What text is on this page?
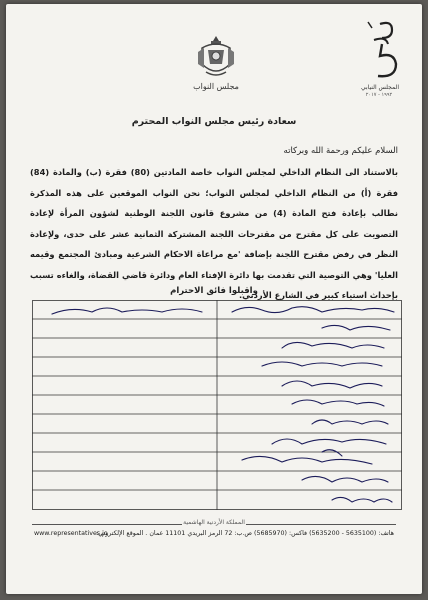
مجلس النواب	المجلس النيابي
١٩٩٢ - ٢٠١٧
سعادة رئيس مجلس النواب المحترم
السلام عليكم ورحمة الله وبركاته

بالاستناد الى النظام الداخلي لمجلس النواب خاصة المادتين (80) فقرة (ب) والمادة (84) فقرة (أ) من النظام الداخلي لمجلس النواب؛ نحن النواب الموقعين على هذه المذكرة نطالب بإعادة فتح المادة (4) من مشروع قانون اللجنة الوطنية لشؤون المرأة لإعادة التصويت على كل مقترح من مقترحات اللجنة المشتركة الثمانية عشر على حدى، ولإعادة النظر في رفض مقترح اللجنة بإضافة 'مع مراعاة الاحكام الشرعية ومبادئ المجتمع وقيمه العليا' وهي التوصية التي تقدمت بها دائرة الإفتاء العام ودائرة قاضي القضاة، والغاءه تسبب بإحداث استياء كبير في الشارع الأردني.

واقبلوا فائق الاحترام
المملكة الأردنية الهاشمية
www.representatives.jo
هاتف: (5635100 - 5635200) فاكس: (5685970) ص.ب: 72 الرمز البريدي 11101 عمان . الموقع الإلكتروني:
